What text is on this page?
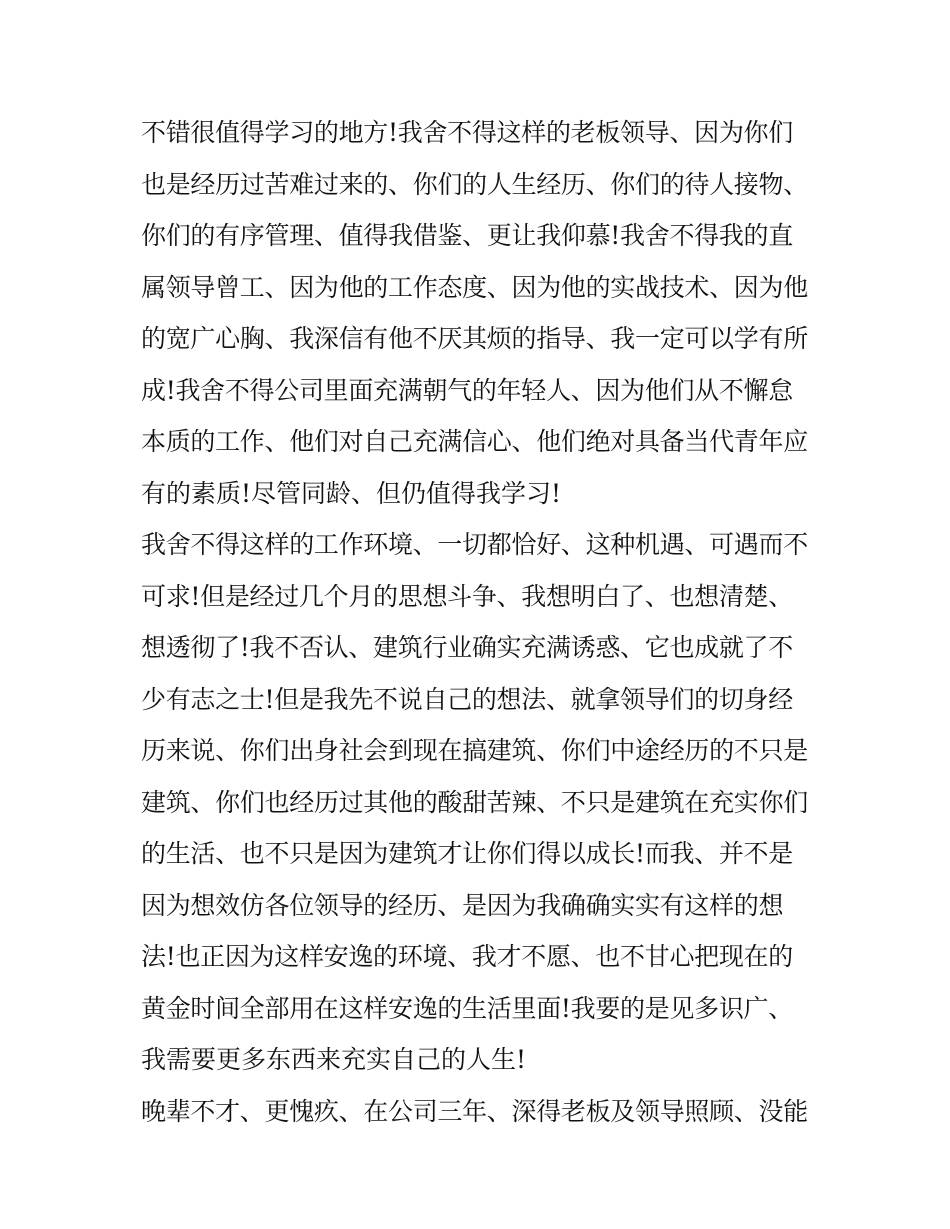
不错很值得学习的地方!我舍不得这样的老板领导、因为你们
也是经历过苦难过来的、你们的人生经历、你们的待人接物、
你们的有序管理、值得我借鉴、更让我仰慕!我舍不得我的直
属领导曾工、因为他的工作态度、因为他的实战技术、因为他
的宽广心胸、我深信有他不厌其烦的指导、我一定可以学有所
成!我舍不得公司里面充满朝气的年轻人、因为他们从不懈怠
本质的工作、他们对自己充满信心、他们绝对具备当代青年应
有的素质!尽管同龄、但仍值得我学习!
我舍不得这样的工作环境、一切都恰好、这种机遇、可遇而不
可求!但是经过几个月的思想斗争、我想明白了、也想清楚、
想透彻了!我不否认、建筑行业确实充满诱惑、它也成就了不
少有志之士!但是我先不说自己的想法、就拿领导们的切身经
历来说、你们出身社会到现在搞建筑、你们中途经历的不只是
建筑、你们也经历过其他的酸甜苦辣、不只是建筑在充实你们
的生活、也不只是因为建筑才让你们得以成长!而我、并不是
因为想效仿各位领导的经历、是因为我确确实实有这样的想
法!也正因为这样安逸的环境、我才不愿、也不甘心把现在的
黄金时间全部用在这样安逸的生活里面!我要的是见多识广、
我需要更多东西来充实自己的人生!
晚辈不才、更愧疚、在公司三年、深得老板及领导照顾、没能
